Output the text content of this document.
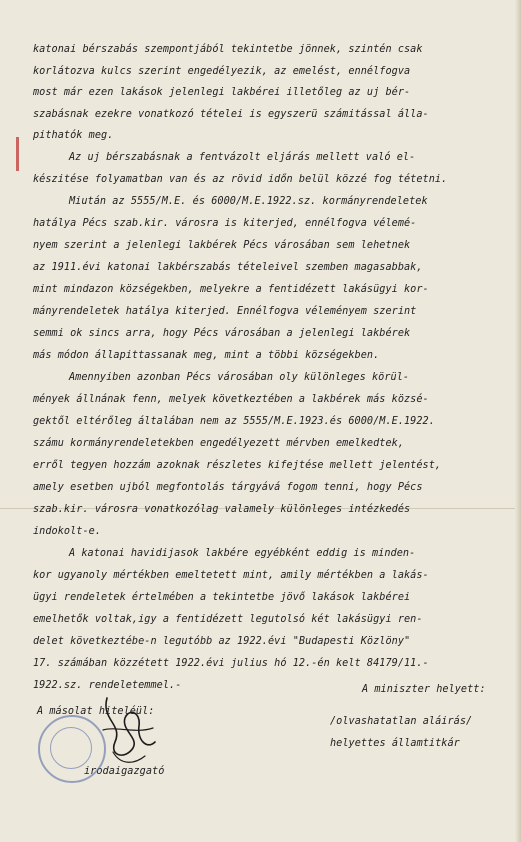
katonai bérszabás szempontjából tekintetbe jönnek, szintén csak
korlátozva kulcs szerint engedélyezik, az emelést, ennélfogva
most már ezen lakások jelenlegi lakbérei illetőleg az uj bér-
szabásnak ezekre vonatkozó tételei is egyszerü számitással álla-
pithatók meg.
Az uj bérszabásnak a fentvázolt eljárás mellett való el-
készitése folyamatban van és az rövid időn belül közzé fog tétetni.
Miután az 5555/M.E. és 6000/M.E.1922.sz. kormányrendeletek
hatálya Pécs szab.kir. városra is kiterjed, ennélfogva vélemé-
nyem szerint a jelenlegi lakbérek Pécs városában sem lehetnek
az 1911.évi katonai lakbérszabás tételeivel szemben magasabbak,
mint mindazon községekben, melyekre a fentidézett lakásügyi kor-
mányrendeletek hatálya kiterjed. Ennélfogva véleményem szerint
semmi ok sincs arra, hogy Pécs városában a jelenlegi lakbérek
más módon állapittassanak meg, mint a többi községekben.
Amennyiben azonban Pécs városában oly különleges körül-
mények állnának fenn, melyek következtében a lakbérek más közsé-
gektől eltérőleg általában nem az 5555/M.E.1923.és 6000/M.E.1922.
számu kormányrendeletekben engedélyezett mérvben emelkedtek,
erről tegyen hozzám azoknak részletes kifejtése mellett jelentést,
amely esetben ujból megfontolás tárgyává fogom tenni, hogy Pécs
szab.kir. városra vonatkozólag valamely különleges intézkedés
indokolt-e.
A katonai havidijasok lakbére egyébként eddig is minden-
kor ugyanoly mértékben emeltetett mint, amily mértékben a lakás-
ügyi rendeletek értelmében a tekintetbe jövő lakások lakbérei
emelhetők voltak,igy a fentidézett legutolsó két lakásügyi ren-
delet következtébe-n legutóbb az 1922.évi "Budapesti Közlöny"
17. számában közzétett 1922.évi julius hó 12.-én kelt 84179/11.-
1922.sz. rendeletemmel.-	A miniszter helyett:
A másolat hiteléül:
/olvashatatlan aláirás/
helyettes államtitkár
irodaigazgató
